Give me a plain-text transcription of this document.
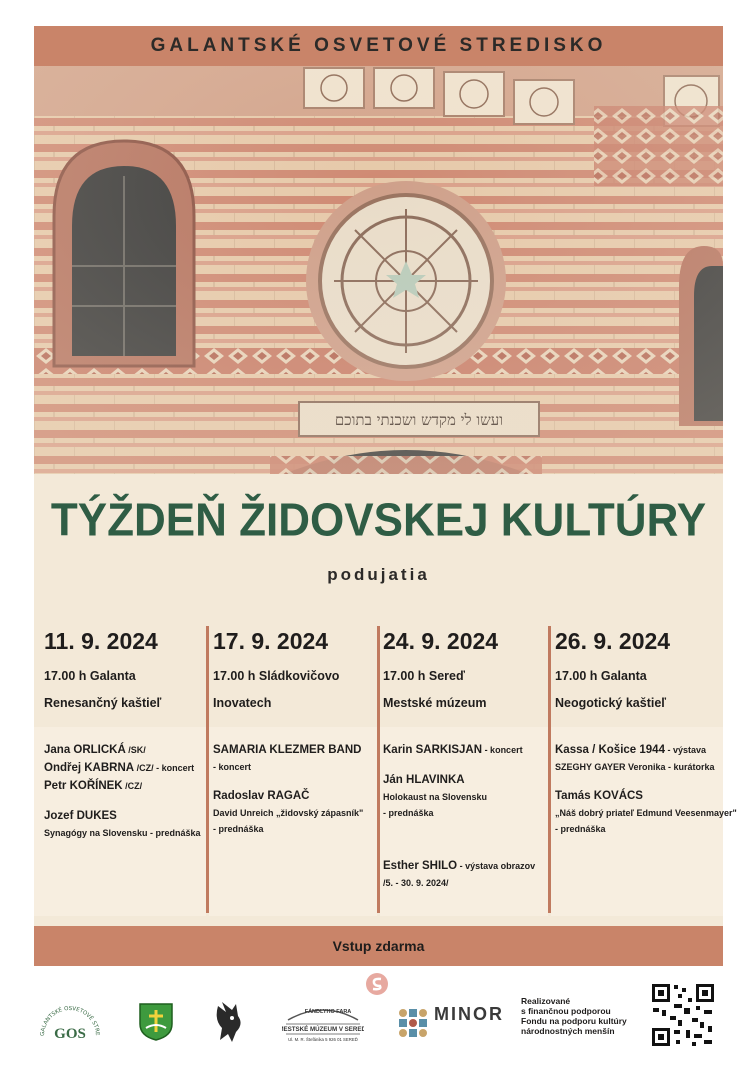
GALANTSKÉ OSVETOVÉ STREDISKO
TÝŽDEŇ ŽIDOVSKEJ KULTÚRY
podujatia
11. 9. 2024
17.00 h Galanta
Renesančný kaštieľ
Jana ORLICKÁ /SK/
Ondřej KABRNA /CZ/ - koncert
Petr KOŘÍNEK /CZ/
Jozef DUKES
Synagógy na Slovensku - prednáška
17. 9. 2024
17.00 h Sládkovičovo
Inovatech
SAMARIA KLEZMER BAND
- koncert
Radoslav RAGAČ
David Unreich „židovský zápasník"
- prednáška
24. 9. 2024
17.00 h Sereď
Mestské múzeum
Karin SARKISJAN - koncert
Ján HLAVINKA
Holokaust na Slovensku
- prednáška
Esther SHILO - výstava obrazov
/5. - 30. 9. 2024/
26. 9. 2024
17.00 h Galanta
Neogotický kaštieľ
Kassa / Košice 1944 - výstava
SZEGHY GAYER Veronika - kurátorka
Tamás KOVÁCS
„Náš dobrý priateľ Edmund Veesenmayer"
- prednáška
Vstup zdarma
GALANTSKÉ OSVETOVÉ STRE
GOS
FÁNDLYHO FARA
MESTSKÉ MÚZEUM V SEREDI
Ul. M. R. Štefánika 5 926 01 SEREĎ
MINOR
Realizované
s finančnou podporou
Fondu na podporu kultúry
národnostných menšín
